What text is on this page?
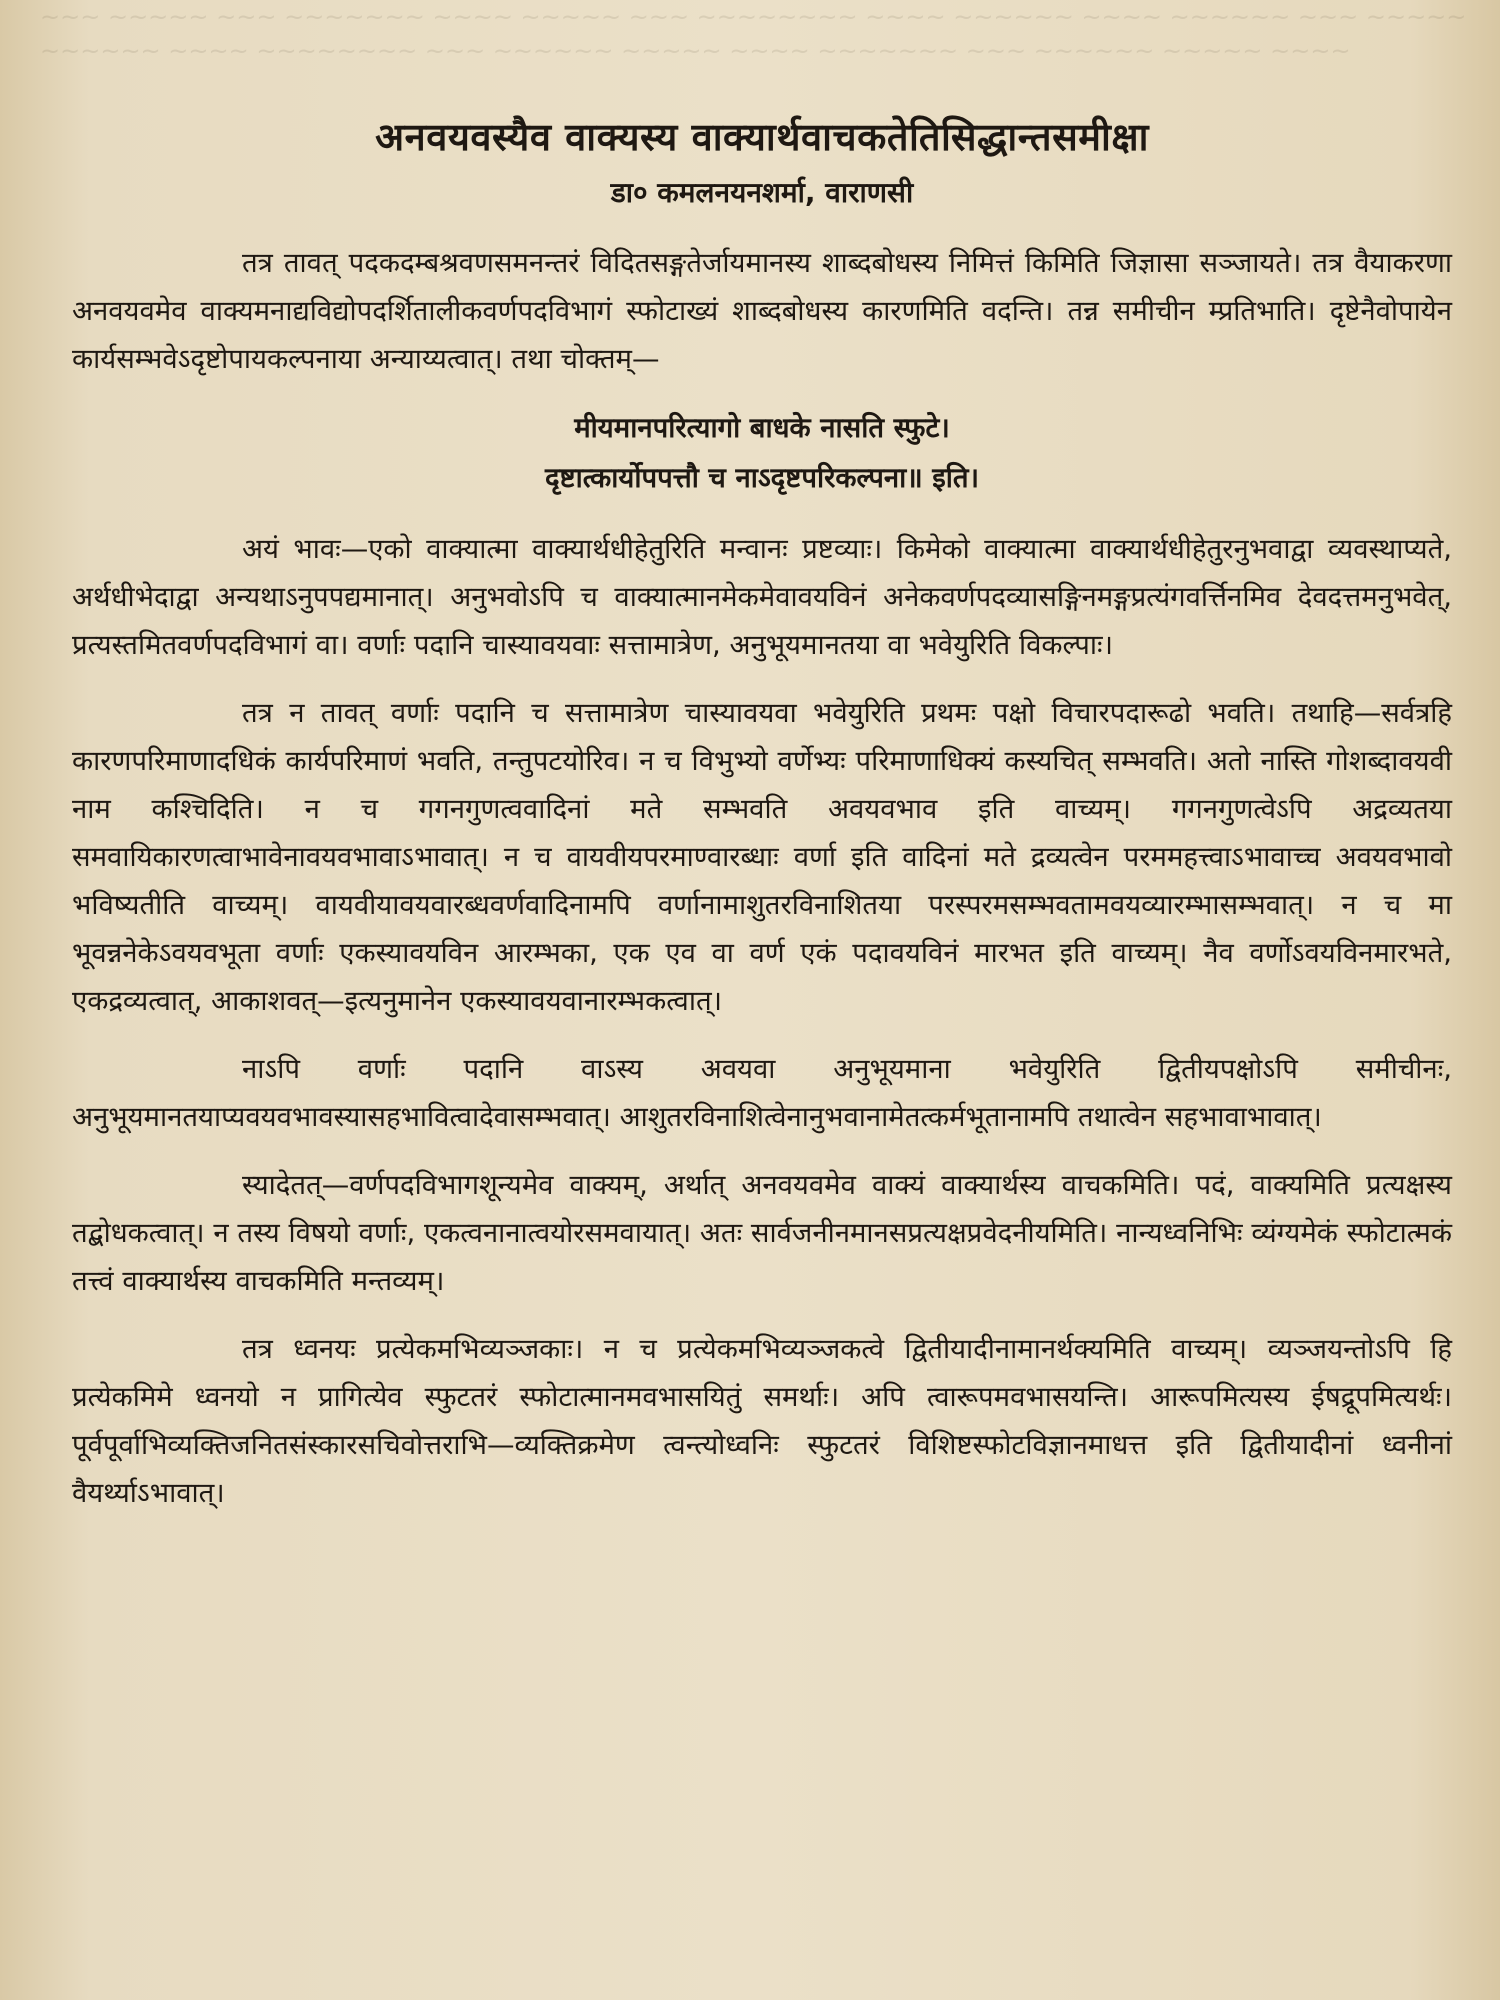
~~~ ~~~~~ ~~~ ~~~~~~~ ~~~~ ~~~~~ ~~~ ~~~~~~~~ ~~~~ ~~~~~~ ~~~~ ~~~~~~ ~~~ ~~~~~
~~~~~~ ~~~~ ~~~~~~~~ ~~~ ~~~~~~ ~~~~~ ~~~~ ~~~~~~~ ~~~ ~~~~~~ ~~~~~ ~~~~
अनवयवस्यैव वाक्यस्य वाक्यार्थवाचकतेतिसिद्धान्तसमीक्षा
डा० कमलनयनशर्मा, वाराणसी

तत्र तावत् पदकदम्बश्रवणसमनन्तरं विदितसङ्गतेर्जायमानस्य शाब्दबोधस्य निमित्तं किमिति जिज्ञासा सञ्जायते। तत्र वैयाकरणा अनवयवमेव वाक्यमनाद्यविद्योपदर्शितालीकवर्णपदविभागं स्फोटाख्यं शाब्दबोधस्य कारणमिति वदन्ति। तन्न समीचीन म्प्रतिभाति। दृष्टेनैवोपायेन कार्यसम्भवेऽदृष्टोपायकल्पनाया अन्याय्यत्वात्। तथा चोक्तम्—

मीयमानपरित्यागो बाधके नासति स्फुटे।
दृष्टात्कार्योपपत्तौ च नाऽदृष्टपरिकल्पना॥ इति।

अयं भावः—एको वाक्यात्मा वाक्यार्थधीहेतुरिति मन्वानः प्रष्टव्याः। किमेको वाक्यात्मा वाक्यार्थधीहेतुरनुभवाद्वा व्यवस्थाप्यते, अर्थधीभेदाद्वा अन्यथाऽनुपपद्यमानात्। अनुभवोऽपि च वाक्यात्मानमेकमेवावयविनं अनेकवर्णपदव्यासङ्गिनमङ्गप्रत्यंगवर्त्तिनमिव देवदत्तमनुभवेत्, प्रत्यस्तमितवर्णपदविभागं वा। वर्णाः पदानि चास्यावयवाः सत्तामात्रेण, अनुभूयमानतया वा भवेयुरिति विकल्पाः।

तत्र न तावत् वर्णाः पदानि च सत्तामात्रेण चास्यावयवा भवेयुरिति प्रथमः पक्षो विचारपदारूढो भवति। तथाहि—सर्वत्रहि कारणपरिमाणादधिकं कार्यपरिमाणं भवति, तन्तुपटयोरिव। न च विभुभ्यो वर्णेभ्यः परिमाणाधिक्यं कस्यचित् सम्भवति। अतो नास्ति गोशब्दावयवी नाम कश्चिदिति। न च गगनगुणत्ववादिनां मते सम्भवति अवयवभाव इति वाच्यम्। गगनगुणत्वेऽपि अद्रव्यतया समवायिकारणत्वाभावेनावयवभावाऽभावात्। न च वायवीयपरमाण्वारब्धाः वर्णा इति वादिनां मते द्रव्यत्वेन परममहत्त्वाऽभावाच्च अवयवभावो भविष्यतीति वाच्यम्। वायवीयावयवारब्धवर्णवादिनामपि वर्णानामाशुतरविनाशितया परस्परमसम्भवतामवयव्यारम्भासम्भवात्। न च मा भूवन्ननेकेऽवयवभूता वर्णाः एकस्यावयविन आरम्भका, एक एव वा वर्ण एकं पदावयविनं मारभत इति वाच्यम्। नैव वर्णोऽवयविनमारभते, एकद्रव्यत्वात्, आकाशवत्—इत्यनुमानेन एकस्यावयवानारम्भकत्वात्।

नाऽपि वर्णाः पदानि वाऽस्य अवयवा अनुभूयमाना भवेयुरिति द्वितीयपक्षोऽपि समीचीनः, अनुभूयमानतयाप्यवयवभावस्यासहभावित्वादेवासम्भवात्। आशुतरविनाशित्वेनानुभवानामेतत्कर्मभूतानामपि तथात्वेन सहभावाभावात्।

स्यादेतत्—वर्णपदविभागशून्यमेव वाक्यम्, अर्थात् अनवयवमेव वाक्यं वाक्यार्थस्य वाचकमिति। पदं, वाक्यमिति प्रत्यक्षस्य तद्बोधकत्वात्। न तस्य विषयो वर्णाः, एकत्वनानात्वयोरसमवायात्। अतः सार्वजनीनमानसप्रत्यक्षप्रवेदनीयमिति। नान्यध्वनिभिः व्यंग्यमेकं स्फोटात्मकं तत्त्वं वाक्यार्थस्य वाचकमिति मन्तव्यम्।

तत्र ध्वनयः प्रत्येकमभिव्यञ्जकाः। न च प्रत्येकमभिव्यञ्जकत्वे द्वितीयादीनामानर्थक्यमिति वाच्यम्। व्यञ्जयन्तोऽपि हि प्रत्येकमिमे ध्वनयो न प्रागित्येव स्फुटतरं स्फोटात्मानमवभासयितुं समर्थाः। अपि त्वारूपमवभासयन्ति। आरूपमित्यस्य ईषद्रूपमित्यर्थः। पूर्वपूर्वाभिव्यक्तिजनितसंस्कारसचिवोत्तराभि—व्यक्तिक्रमेण त्वन्त्योध्वनिः स्फुटतरं विशिष्टस्फोटविज्ञानमाधत्त इति द्वितीयादीनां ध्वनीनां वैयर्थ्याऽभावात्।
